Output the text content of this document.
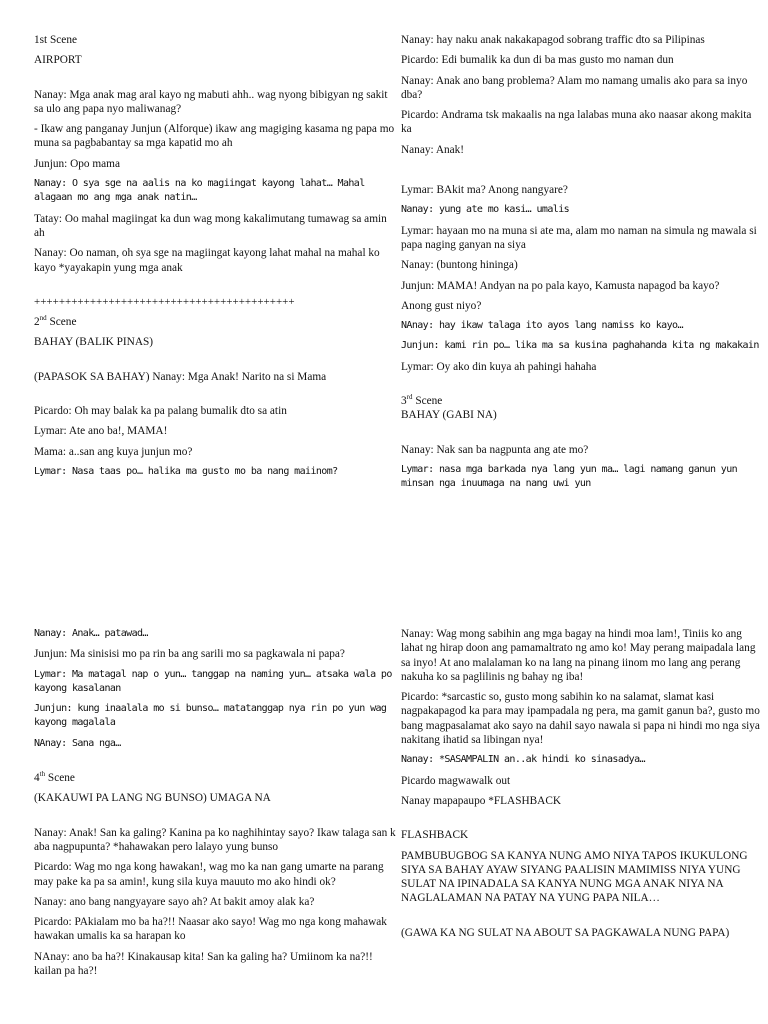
1st Scene

AIRPORT

Nanay: Mga anak mag aral kayo ng mabuti ahh.. wag nyong bibigyan ng sakit sa ulo ang papa nyo maliwanag?

- Ikaw ang panganay Junjun (Alforque) ikaw ang magiging kasama ng papa mo muna sa pagbabantay sa mga kapatid mo ah

Junjun: Opo mama

Nanay: O sya sge na aalis na ko magiingat kayong lahat… Mahal alagaan mo ang mga anak natin…

Tatay: Oo mahal magiingat ka dun wag mong kakalimutang tumawag sa amin ah

Nanay: Oo naman, oh sya sge na magiingat kayong lahat mahal na mahal ko kayo *yayakapin yung mga anak

++++++++++++++++++++++++++++++++++++++++++

2nd Scene

BAHAY (BALIK PINAS)

(PAPASOK SA BAHAY) Nanay: Mga Anak! Narito na si Mama

Picardo: Oh may balak ka pa palang bumalik dto sa atin

Lymar: Ate ano ba!, MAMA!

Mama: a..san ang kuya junjun mo?

Lymar: Nasa taas po… halika ma gusto mo ba nang maiinom?

Nanay: hay naku anak nakakapagod sobrang traffic dto sa Pilipinas

Picardo: Edi bumalik ka dun di ba mas gusto mo naman dun

Nanay: Anak ano bang problema? Alam mo namang umalis ako para sa inyo dba?

Picardo: Andrama tsk makaalis na nga lalabas muna ako naasar akong makita ka

Nanay: Anak!

Lymar: BAkit ma? Anong nangyare?

Nanay: yung ate mo kasi… umalis

Lymar: hayaan mo na muna si ate ma, alam mo naman na simula ng mawala si papa naging ganyan na siya

Nanay: (buntong hininga)

Junjun: MAMA! Andyan na po pala kayo, Kamusta napagod ba kayo?

Anong gust niyo?

NAnay: hay ikaw talaga ito ayos lang namiss ko kayo…

Junjun: kami rin po… lika ma sa kusina paghahanda kita ng makakain

Lymar: Oy ako din kuya ah pahingi hahaha

3rd Scene

BAHAY (GABI NA)

Nanay: Nak san ba nagpunta ang ate mo?

Lymar: nasa mga barkada nya lang yun ma… lagi namang ganun yun minsan nga inuumaga na nang uwi yun

Nanay: Anak… patawad…

Junjun: Ma sinisisi mo pa rin ba ang sarili mo sa pagkawala ni papa?

Lymar: Ma matagal nap o yun… tanggap na naming yun… atsaka wala po kayong kasalanan

Junjun: kung inaalala mo si bunso… matatanggap nya rin po yun wag kayong magalala

NAnay: Sana nga…

4th Scene

(KAKAUWI PA LANG NG BUNSO) UMAGA NA

Nanay: Anak! San ka galing? Kanina pa ko naghihintay sayo? Ikaw talaga san k aba nagpupunta? *hahawakan pero lalayo yung bunso

Picardo: Wag mo nga kong hawakan!, wag mo ka nan gang umarte na parang may pake ka pa sa amin!, kung sila kuya mauuto mo ako hindi ok?

Nanay: ano bang nangyayare sayo ah? At bakit amoy alak ka?

Picardo: PAkialam mo ba ha?!! Naasar ako sayo! Wag mo nga kong mahawak hawakan umalis ka sa harapan ko

NAnay: ano ba ha?! Kinakausap kita! San ka galing ha? Umiinom ka na?!! kailan pa ha?!

Nanay: Wag mong sabihin ang mga bagay na hindi moa lam!, Tiniis ko ang lahat ng hirap doon ang pamamaltrato ng amo ko! May perang maipadala lang sa inyo! At ano malalaman ko na lang na pinang iinom mo lang ang perang nakuha ko sa paglilinis ng bahay ng iba!

Picardo: *sarcastic so, gusto mong sabihin ko na salamat, slamat kasi nagpakapagod ka para may ipampadala ng pera, ma gamit ganun ba?, gusto mo bang magpasalamat ako sayo na dahil sayo nawala si papa ni hindi mo nga siya nakitang ihatid sa libingan nya!

Nanay: *SASAMPALIN an..ak hindi ko sinasadya…

Picardo magwawalk out

Nanay mapapaupo *FLASHBACK

FLASHBACK

PAMBUBUGBOG SA KANYA NUNG AMO NIYA TAPOS IKUKULONG SIYA SA BAHAY AYAW SIYANG PAALISIN MAMIMISS NIYA YUNG SULAT NA IPINADALA SA KANYA NUNG MGA ANAK NIYA NA NAGLALAMAN NA PATAY NA YUNG PAPA NILA…

(GAWA KA NG SULAT NA ABOUT SA PAGKAWALA NUNG PAPA)
